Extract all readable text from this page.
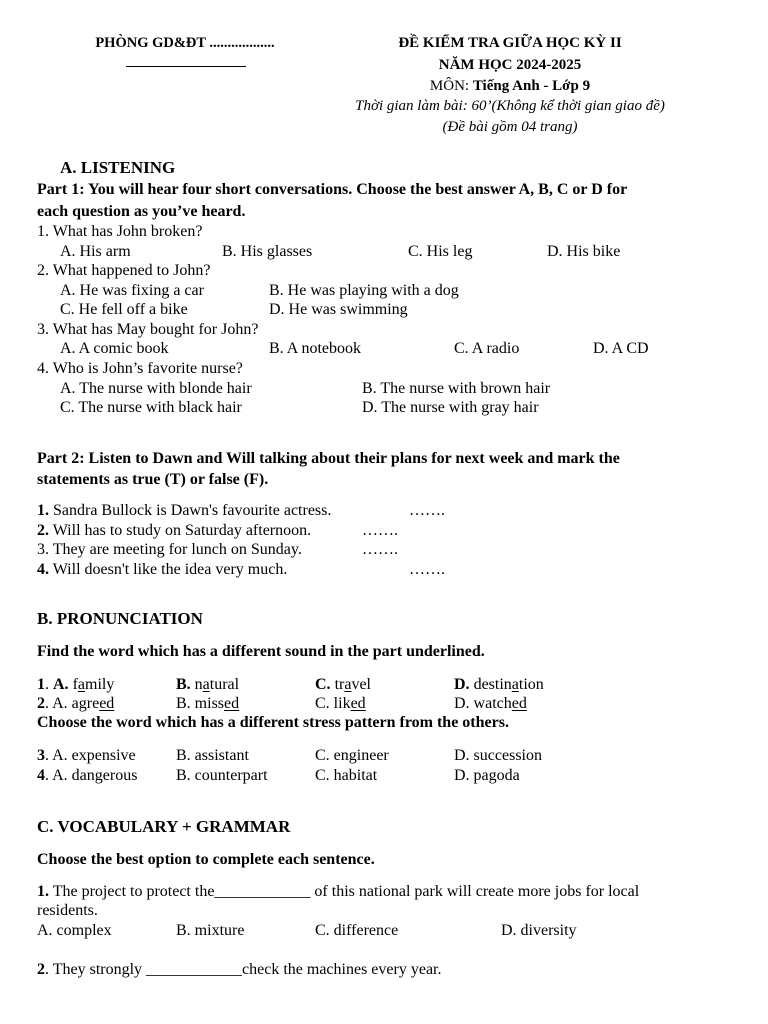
PHÒNG GD&ĐT ..................	ĐỀ KIỂM TRA GIỮA HỌC KỲ II
NĂM HỌC 2024-2025
MÔN: Tiếng Anh - Lớp 9
Thời gian làm bài: 60’(Không kể thời gian giao đề)
(Đề bài gồm 04 trang)
A. LISTENING
Part 1: You will hear four short conversations. Choose the best answer A, B, C or D for
each question as you’ve heard.
1. What has John broken?
A. His arm	B. His glasses	C. His leg	D. His bike
2. What happened to John?
A. He was fixing a car	B. He was playing with a dog
C. He fell off a bike	D. He was swimming
3. What has May bought for John?
A. A comic book	B. A notebook	C. A radio	D. A CD
4. Who is John’s favorite nurse?
A. The nurse with blonde hair	B. The nurse with brown hair
C. The nurse with black hair	D. The nurse with gray hair
Part 2: Listen to Dawn and Will talking about their plans for next week and mark the
statements as true (T) or false (F).
1. Sandra Bullock is Dawn's favourite actress.	…….
2. Will has to study on Saturday afternoon.	…….
3. They are meeting for lunch on Sunday.	…….
4. Will doesn't like the idea very much.	…….
B. PRONUNCIATION
Find the word which has a different sound in the part underlined.
1. A. family	B. natural	C. travel	D. destination
2. A. agreed	B. missed	C. liked	D. watched
Choose the word which has a different stress pattern from the others.
3. A. expensive	B. assistant	C. engineer	D. succession
4. A. dangerous B. counterpart	C. habitat	D. pagoda
C. VOCABULARY + GRAMMAR
Choose the best option to complete each sentence.
1. The project to protect the____________ of this national park will create more jobs for local
residents.
A. complex	B. mixture	C. difference	D. diversity
2. They strongly ____________check the machines every year.
